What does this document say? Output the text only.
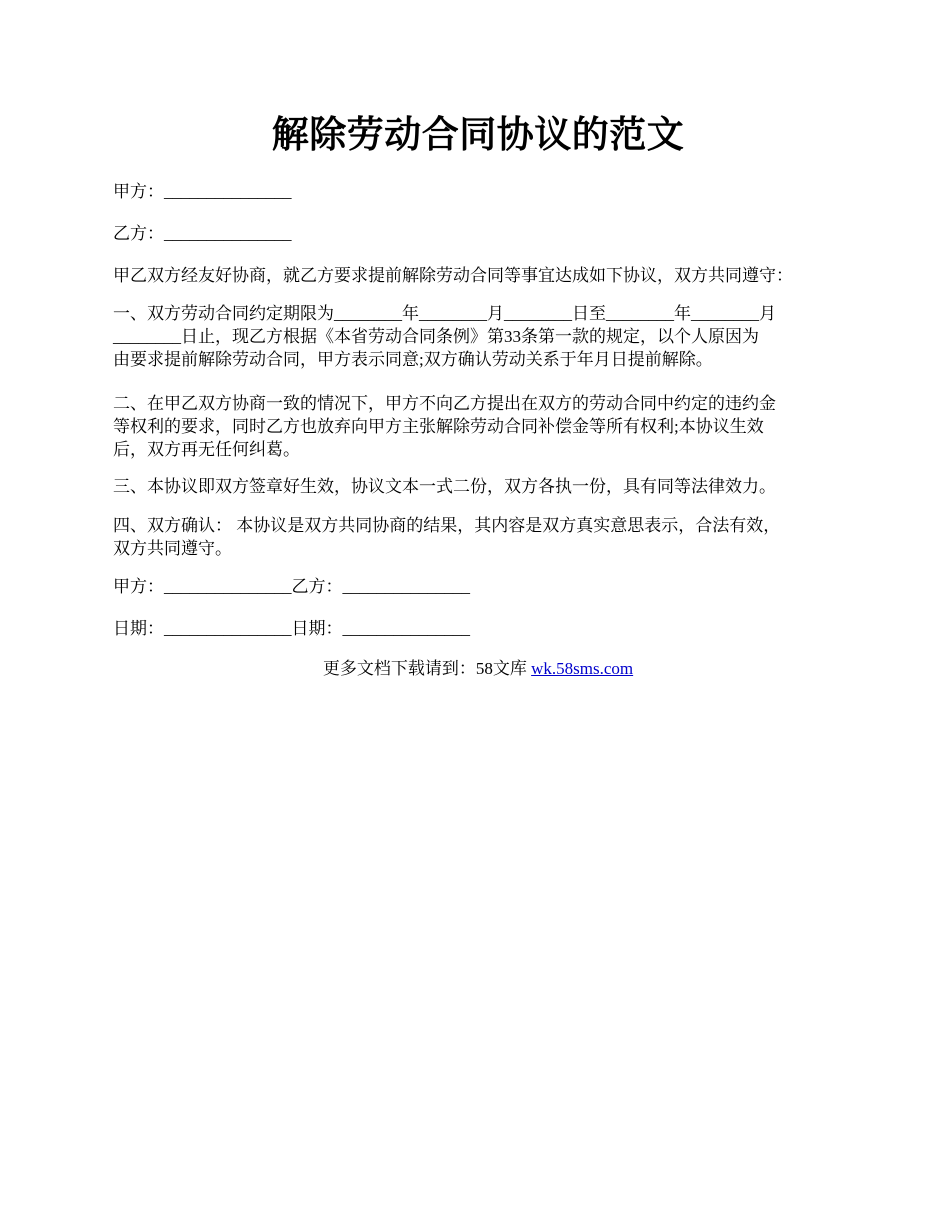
解除劳动合同协议的范文

甲方：_______________

乙方：_______________

甲乙双方经友好协商，就乙方要求提前解除劳动合同等事宜达成如下协议，双方共同遵守：

一、双方劳动合同约定期限为________年________月________日至________年________月
________日止，现乙方根据《本省劳动合同条例》第33条第一款的规定，以个人原因为
由要求提前解除劳动合同，甲方表示同意;双方确认劳动关系于年月日提前解除。
二、在甲乙双方协商一致的情况下，甲方不向乙方提出在双方的劳动合同中约定的违约金
等权利的要求，同时乙方也放弃向甲方主张解除劳动合同补偿金等所有权利;本协议生效
后，双方再无任何纠葛。

三、本协议即双方签章好生效，协议文本一式二份，双方各执一份，具有同等法律效力。

四、双方确认： 本协议是双方共同协商的结果，其内容是双方真实意思表示，合法有效，
双方共同遵守。

甲方：_______________乙方：_______________

日期：_______________日期：_______________

更多文档下载请到：58文库 wk.58sms.com
